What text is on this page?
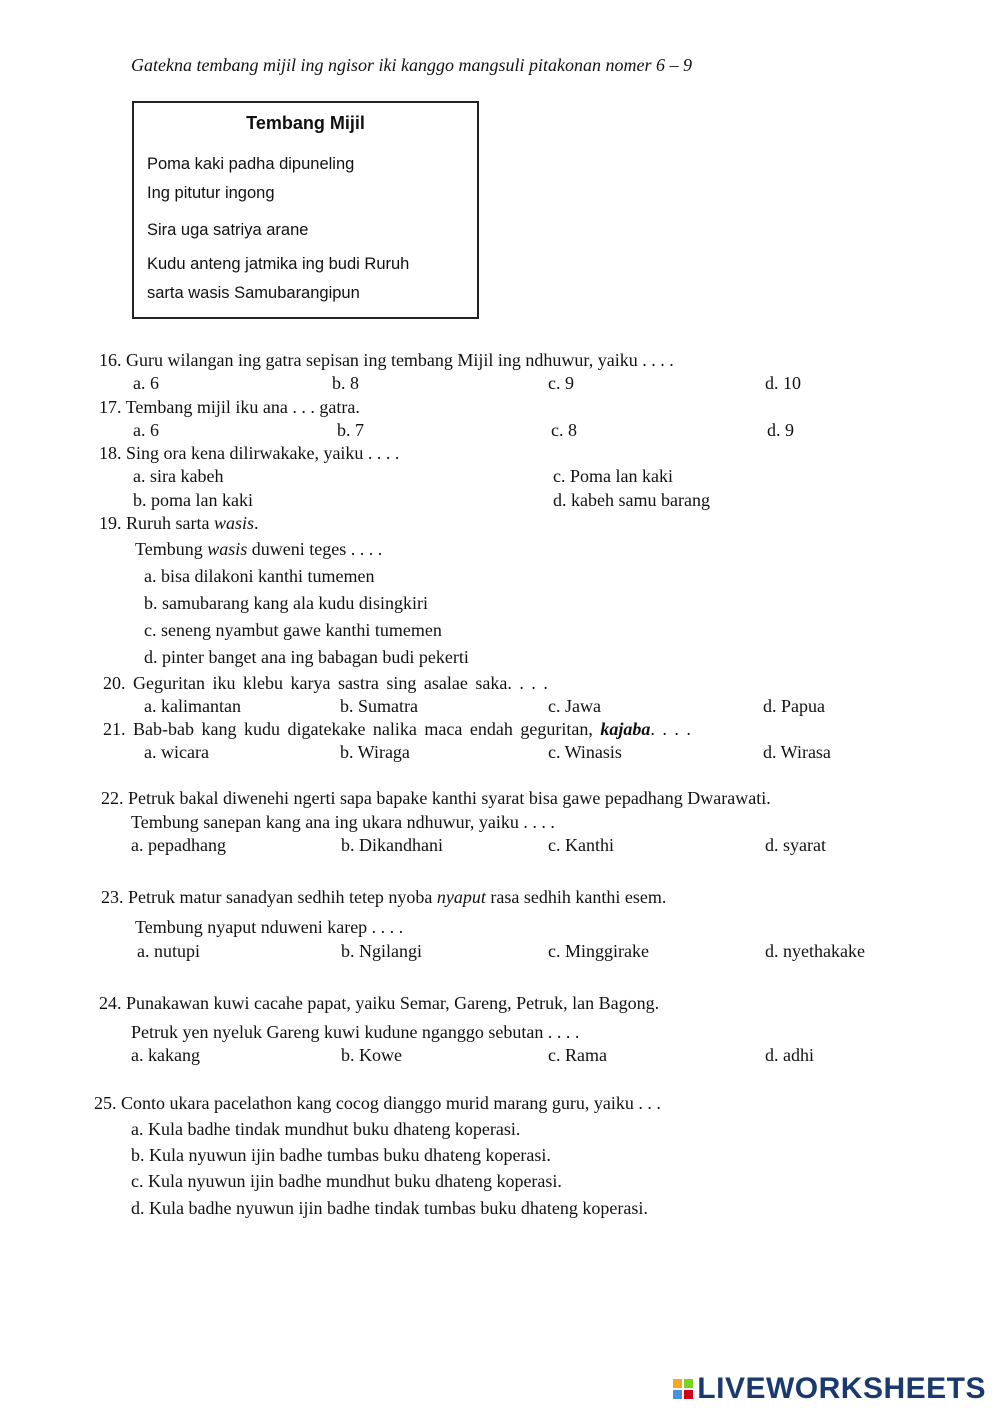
Gatekna tembang mijil ing ngisor iki kanggo mangsuli pitakonan nomer 6 – 9
Tembang Mijil
Poma kaki padha dipuneling
Ing pitutur ingong
Sira uga satriya arane
Kudu anteng jatmika ing budi Ruruh
sarta wasis Samubarangipun
16. Guru wilangan ing gatra sepisan ing tembang Mijil ing ndhuwur, yaiku . . . .
a. 6	b. 8	c. 9	d. 10
17. Tembang mijil iku ana . . . gatra.
a. 6	b. 7	c. 8	d. 9
18. Sing ora kena dilirwakake, yaiku . . . .
a. sira kabeh	c. Poma lan kaki
b. poma lan kaki	d. kabeh samu barang
19. Ruruh sarta wasis.
Tembung wasis duweni teges . . . .
a. bisa dilakoni kanthi tumemen
b. samubarang kang ala kudu disingkiri
c. seneng nyambut gawe kanthi tumemen
d. pinter banget ana ing babagan budi pekerti
20. Geguritan iku klebu karya sastra sing asalae saka. . . .
a. kalimantan	b. Sumatra	c. Jawa	d. Papua
21. Bab-bab kang kudu digatekake nalika maca endah geguritan, kajaba. . . .
a. wicara	b. Wiraga	c. Winasis	d. Wirasa
22. Petruk bakal diwenehi ngerti sapa bapake kanthi syarat bisa gawe pepadhang Dwarawati.
Tembung sanepan kang ana ing ukara ndhuwur, yaiku . . . .
a. pepadhang	b. Dikandhani	c. Kanthi	d. syarat
23. Petruk matur sanadyan sedhih tetep nyoba nyaput rasa sedhih kanthi esem.
Tembung nyaput nduweni karep . . . .
a. nutupi	b. Ngilangi	c. Minggirake	d. nyethakake
24. Punakawan kuwi cacahe papat, yaiku Semar, Gareng, Petruk, lan Bagong.
Petruk yen nyeluk Gareng kuwi kudune nganggo sebutan . . . .
a. kakang	b. Kowe	c. Rama	d. adhi
25. Conto ukara pacelathon kang cocog dianggo murid marang guru, yaiku . . .
a. Kula badhe tindak mundhut buku dhateng koperasi.
b. Kula nyuwun ijin badhe tumbas buku dhateng koperasi.
c. Kula nyuwun ijin badhe mundhut buku dhateng koperasi.
d. Kula badhe nyuwun ijin badhe tindak tumbas buku dhateng koperasi.
LIVEWORKSHEETS
